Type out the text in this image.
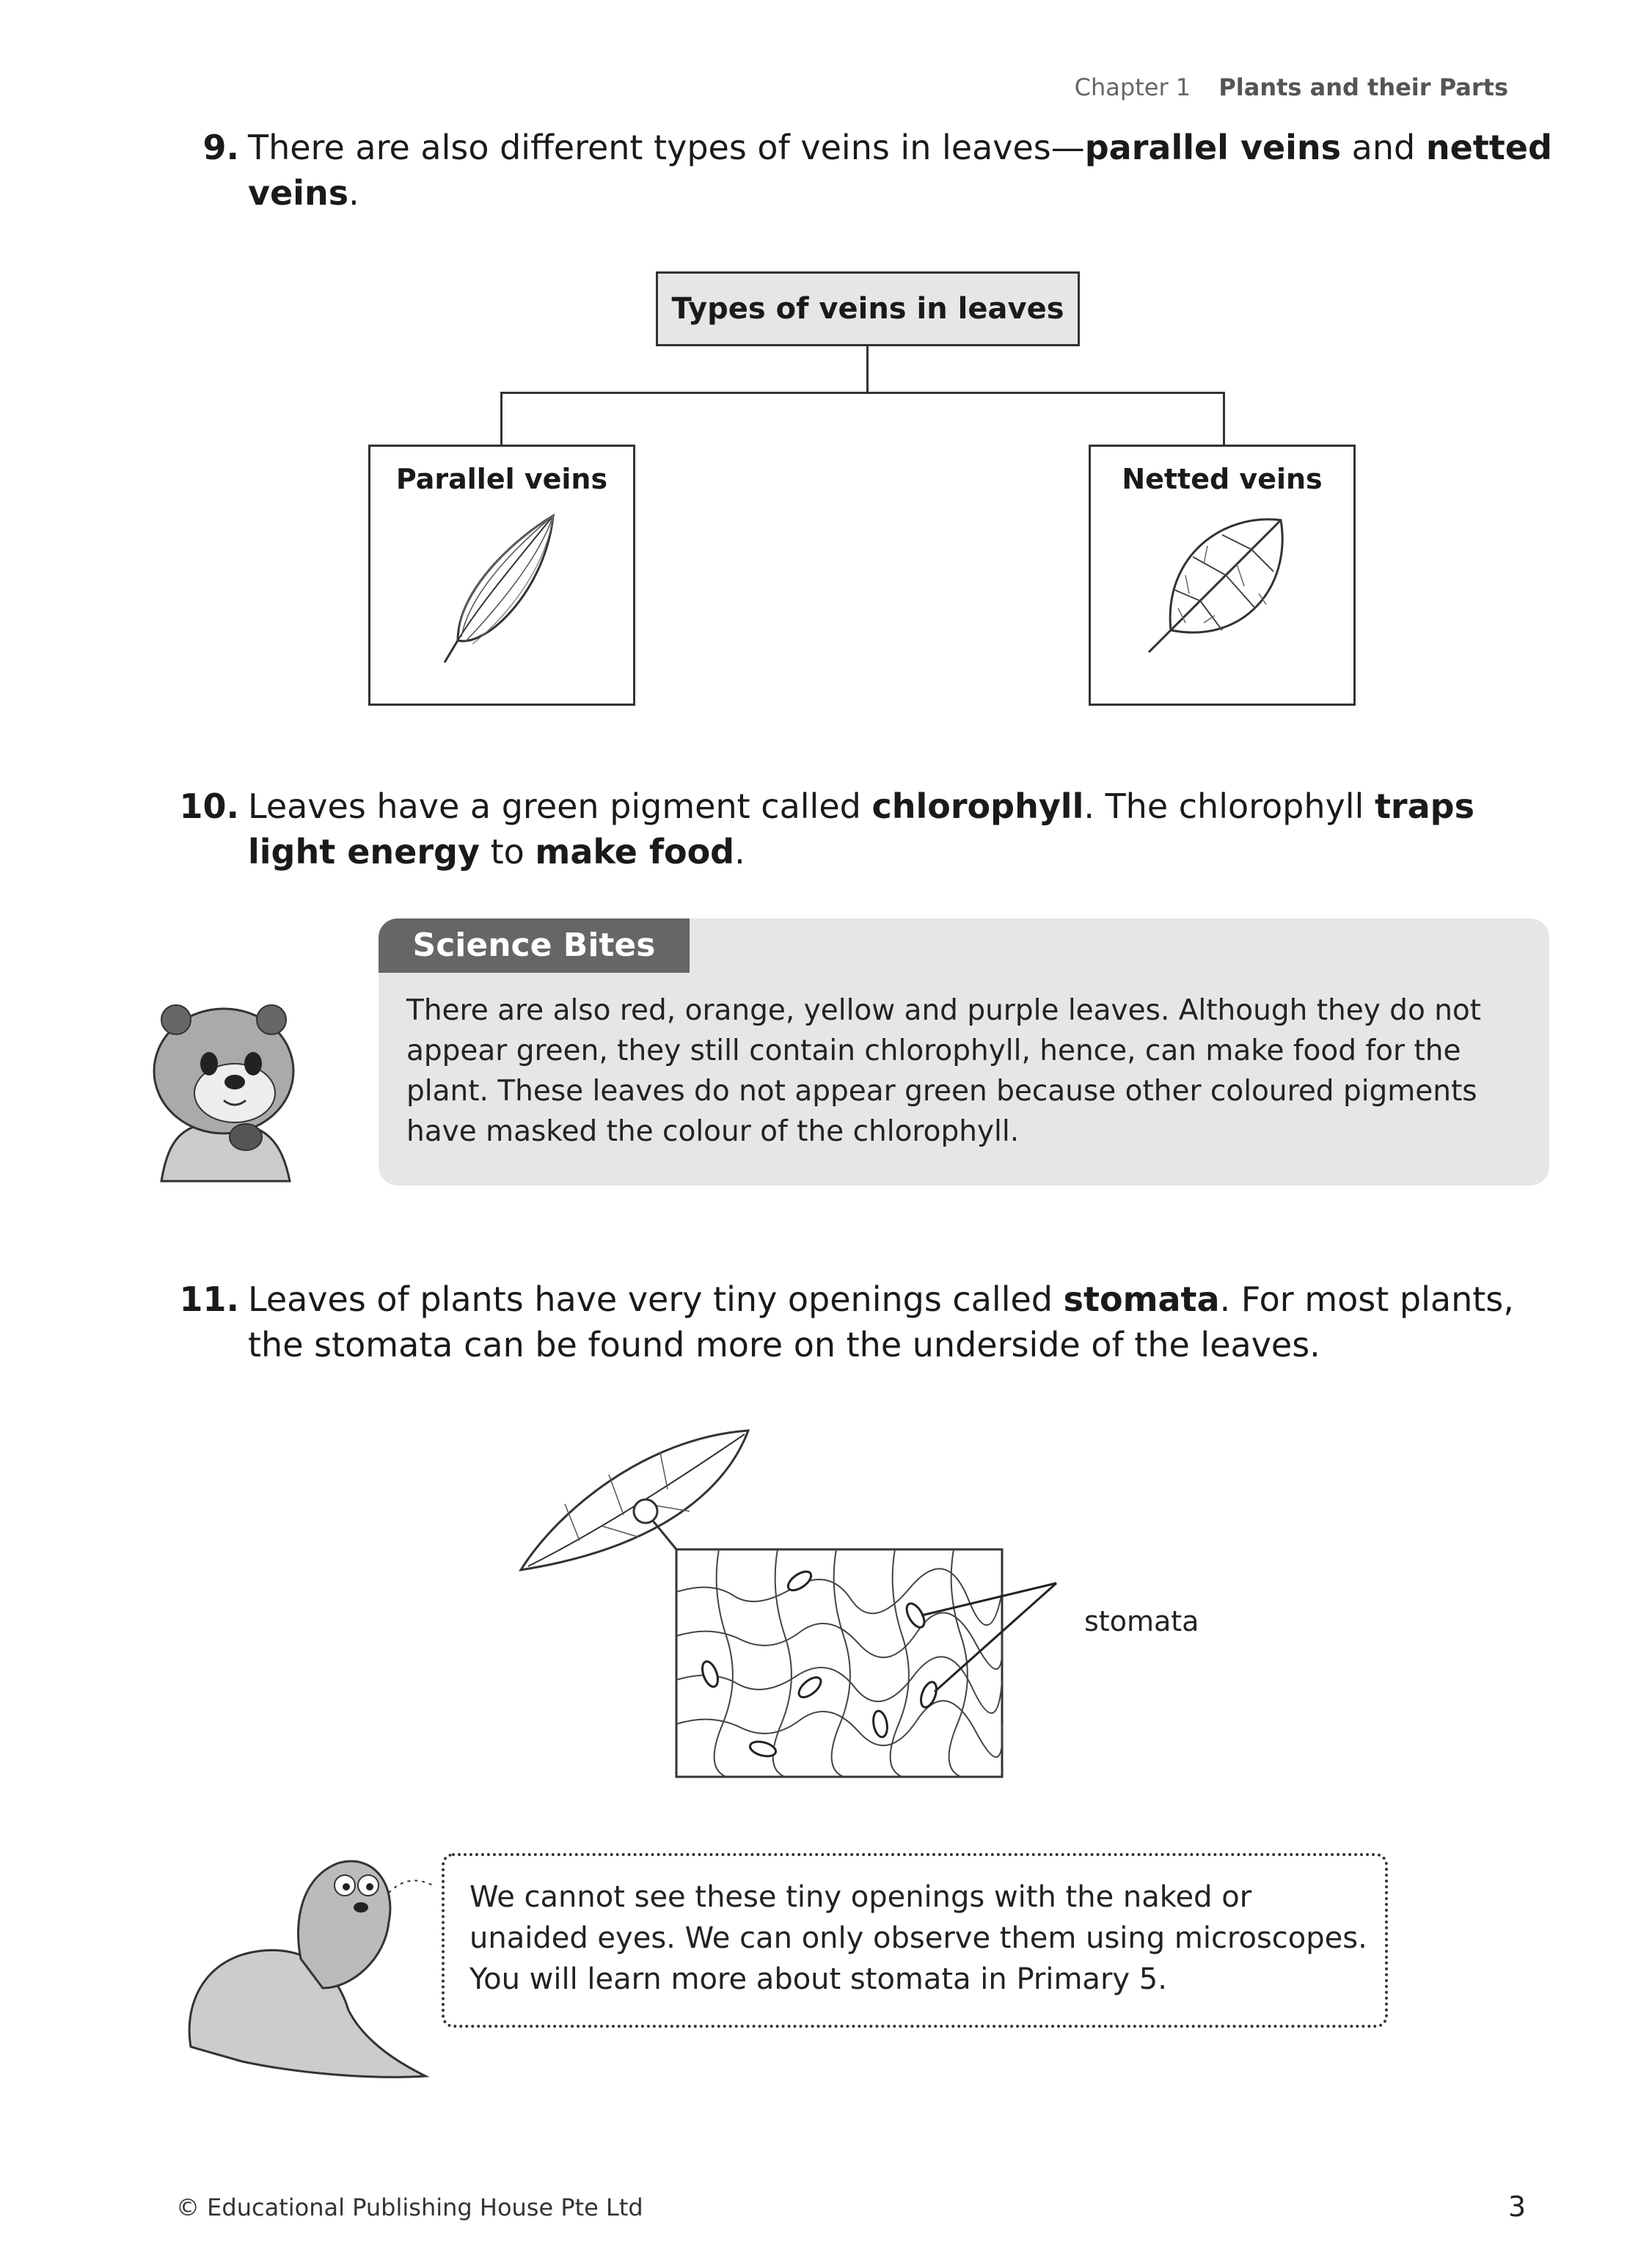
Chapter 1 Plants and their Parts
9. There are also different types of veins in leaves—parallel veins and netted veins.
Types of veins in leaves
Parallel veins	Netted veins
10. Leaves have a green pigment called chlorophyll. The chlorophyll traps light energy to make food.
Science Bites
There are also red, orange, yellow and purple leaves. Although they do not appear green, they still contain chlorophyll, hence, can make food for the plant. These leaves do not appear green because other coloured pigments have masked the colour of the chlorophyll.
11. Leaves of plants have very tiny openings called stomata. For most plants, the stomata can be found more on the underside of the leaves.
stomata
We cannot see these tiny openings with the naked or unaided eyes. We can only observe them using microscopes. You will learn more about stomata in Primary 5.
© Educational Publishing House Pte Ltd	3
